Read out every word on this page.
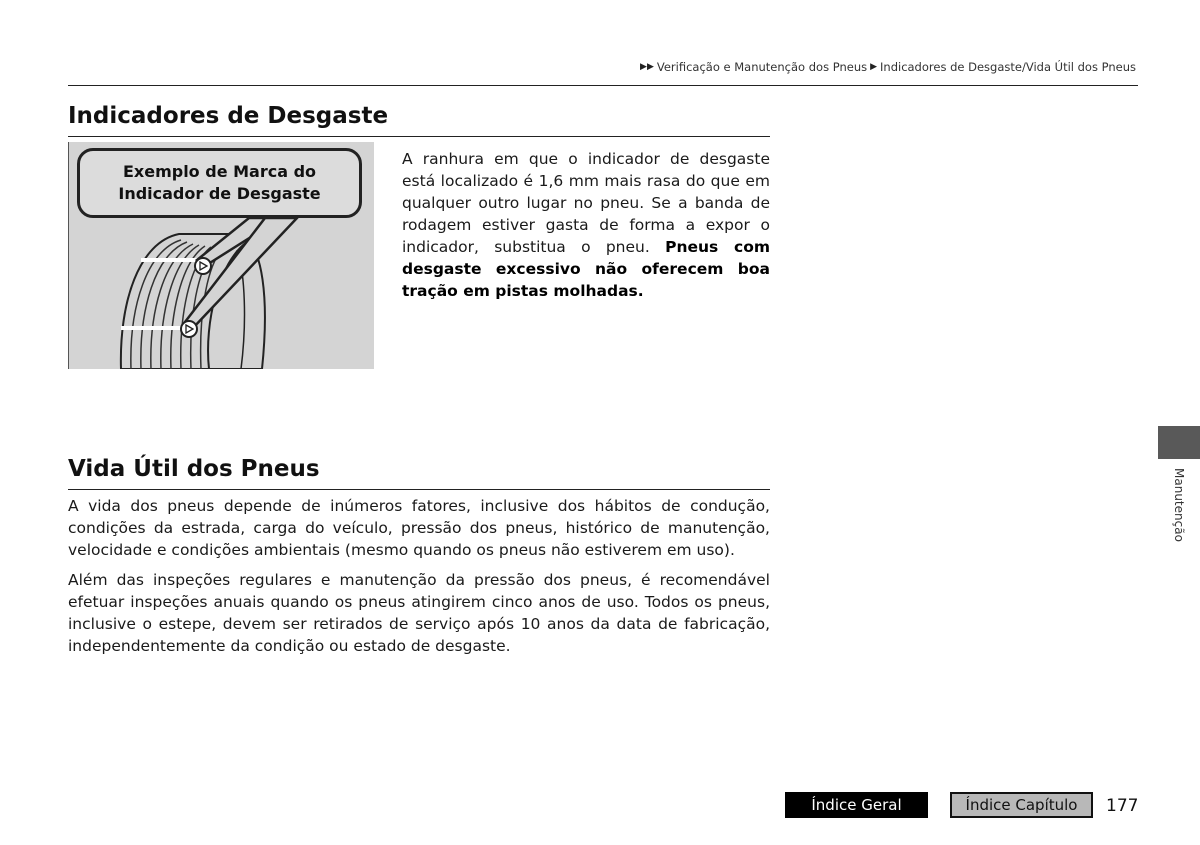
▶▶ Verificação e Manutenção dos Pneus ▶ Indicadores de Desgaste/Vida Útil dos Pneus
Indicadores de Desgaste
Exemplo de Marca do Indicador de Desgaste

A ranhura em que o indicador de desgaste está localizado é 1,6 mm mais rasa do que em qualquer outro lugar no pneu. Se a banda de rodagem estiver gasta de forma a expor o indicador, substitua o pneu. Pneus com desgaste excessivo não oferecem boa tração em pistas molhadas.

Vida Útil dos Pneus

A vida dos pneus depende de inúmeros fatores, inclusive dos hábitos de condução, condições da estrada, carga do veículo, pressão dos pneus, histórico de manutenção, velocidade e condições ambientais (mesmo quando os pneus não estiverem em uso).

Além das inspeções regulares e manutenção da pressão dos pneus, é recomendável efetuar inspeções anuais quando os pneus atingirem cinco anos de uso. Todos os pneus, inclusive o estepe, devem ser retirados de serviço após 10 anos da data de fabricação, independentemente da condição ou estado de desgaste.

Manutenção
Índice Geral	Índice Capítulo	177
